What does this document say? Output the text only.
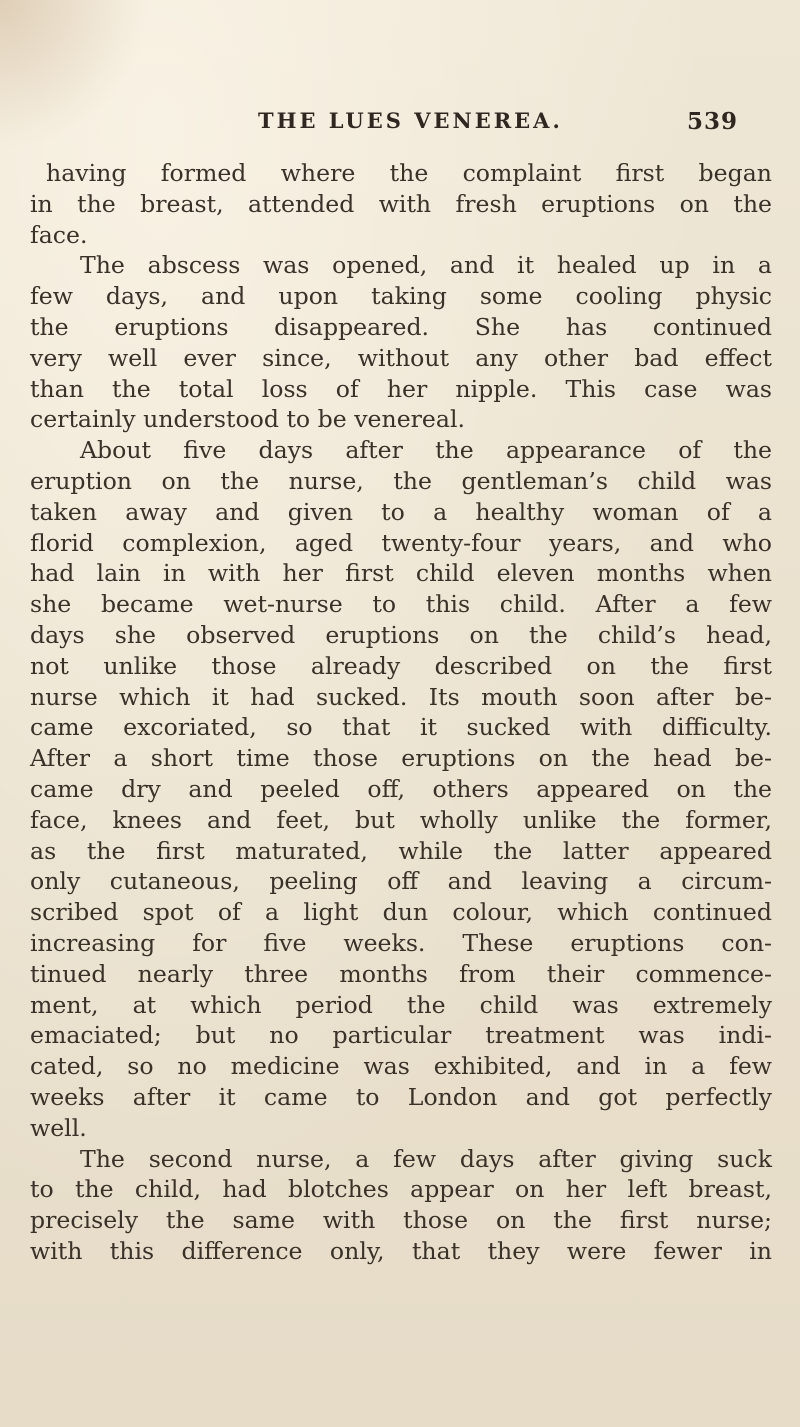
THE LUES VENEREA.	539
having formed where the complaint first began
in the breast, attended with fresh eruptions on the
face.
The abscess was opened, and it healed up in a
few days, and upon taking some cooling physic
the eruptions disappeared. She has continued
very well ever since, without any other bad effect
than the total loss of her nipple. This case was
certainly understood to be venereal.
About five days after the appearance of the
eruption on the nurse, the gentleman’s child was
taken away and given to a healthy woman of a
florid complexion, aged twenty-four years, and who
had lain in with her first child eleven months when
she became wet-nurse to this child. After a few
days she observed eruptions on the child’s head,
not unlike those already described on the first
nurse which it had sucked. Its mouth soon after be-
came excoriated, so that it sucked with difficulty.
After a short time those eruptions on the head be-
came dry and peeled off, others appeared on the
face, knees and feet, but wholly unlike the former,
as the first maturated, while the latter appeared
only cutaneous, peeling off and leaving a circum-
scribed spot of a light dun colour, which continued
increasing for five weeks. These eruptions con-
tinued nearly three months from their commence-
ment, at which period the child was extremely
emaciated; but no particular treatment was indi-
cated, so no medicine was exhibited, and in a few
weeks after it came to London and got perfectly
well.
The second nurse, a few days after giving suck
to the child, had blotches appear on her left breast,
precisely the same with those on the first nurse;
with this difference only, that they were fewer in
